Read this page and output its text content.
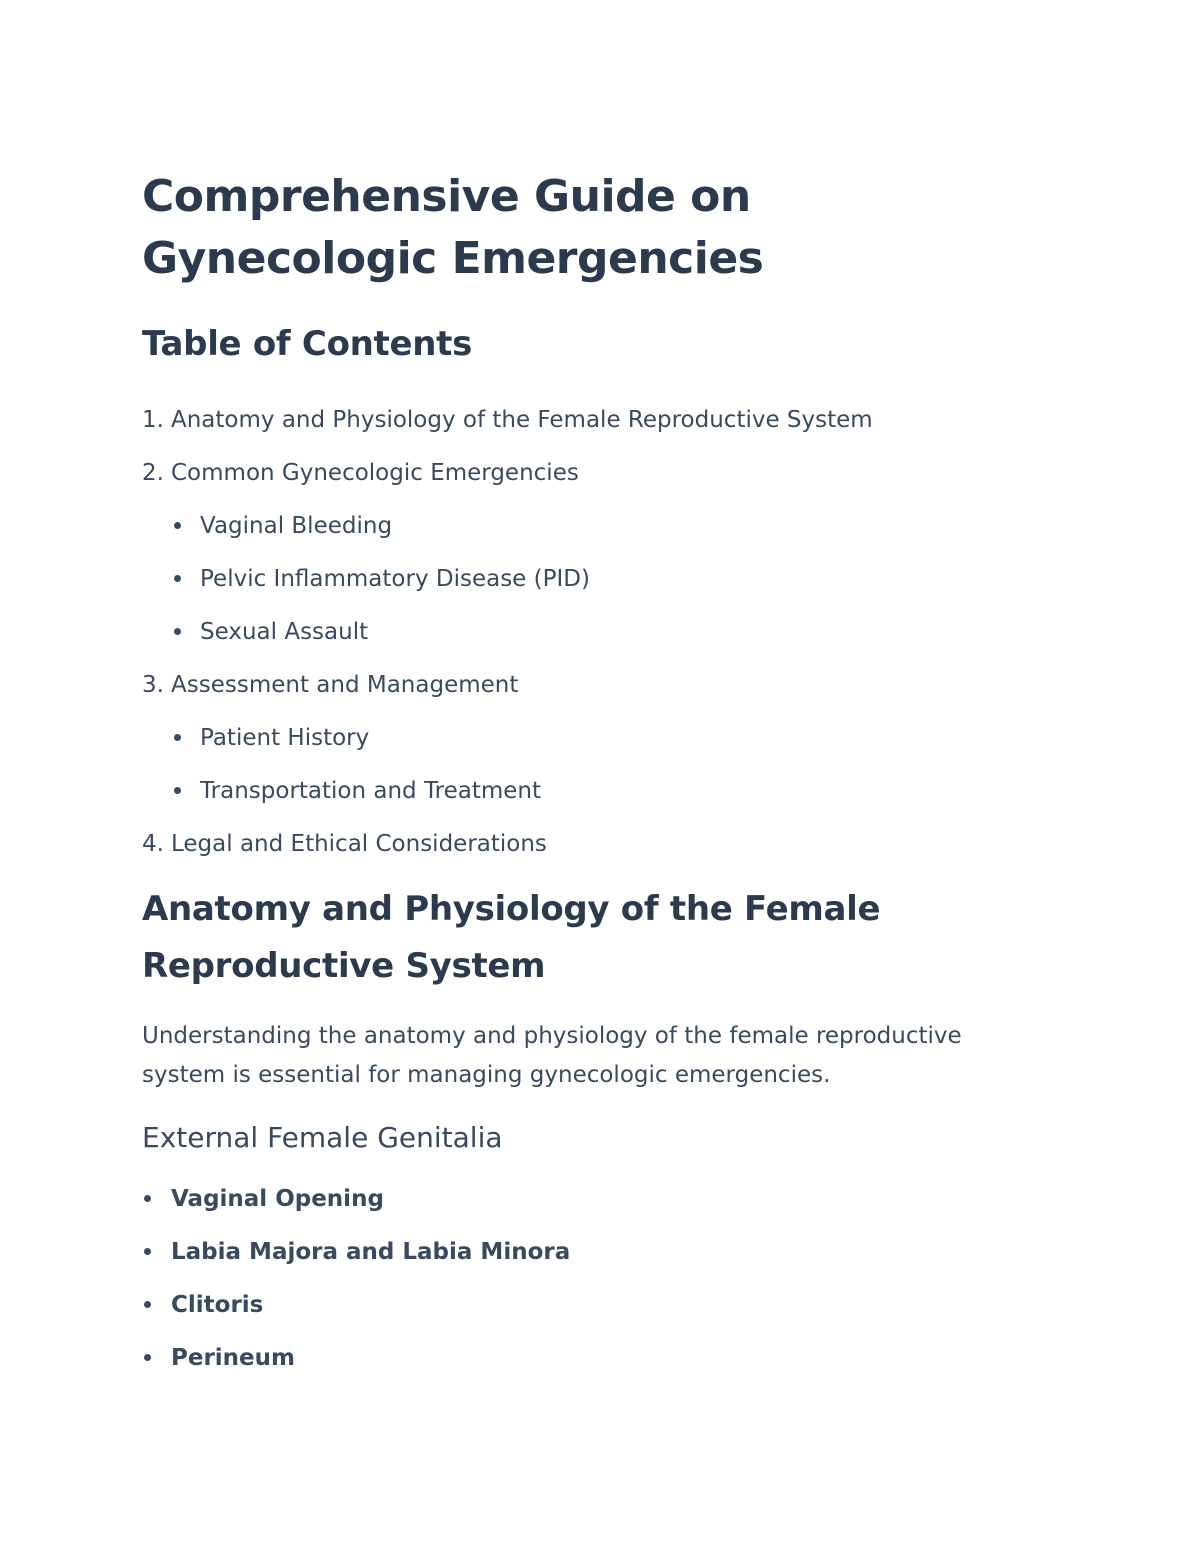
Comprehensive Guide on Gynecologic Emergencies
Table of Contents
1. Anatomy and Physiology of the Female Reproductive System
2. Common Gynecologic Emergencies
Vaginal Bleeding
Pelvic Inflammatory Disease (PID)
Sexual Assault
3. Assessment and Management
Patient History
Transportation and Treatment
4. Legal and Ethical Considerations
Anatomy and Physiology of the Female Reproductive System

Understanding the anatomy and physiology of the female reproductive system is essential for managing gynecologic emergencies.

External Female Genitalia
Vaginal Opening
Labia Majora and Labia Minora
Clitoris
Perineum
